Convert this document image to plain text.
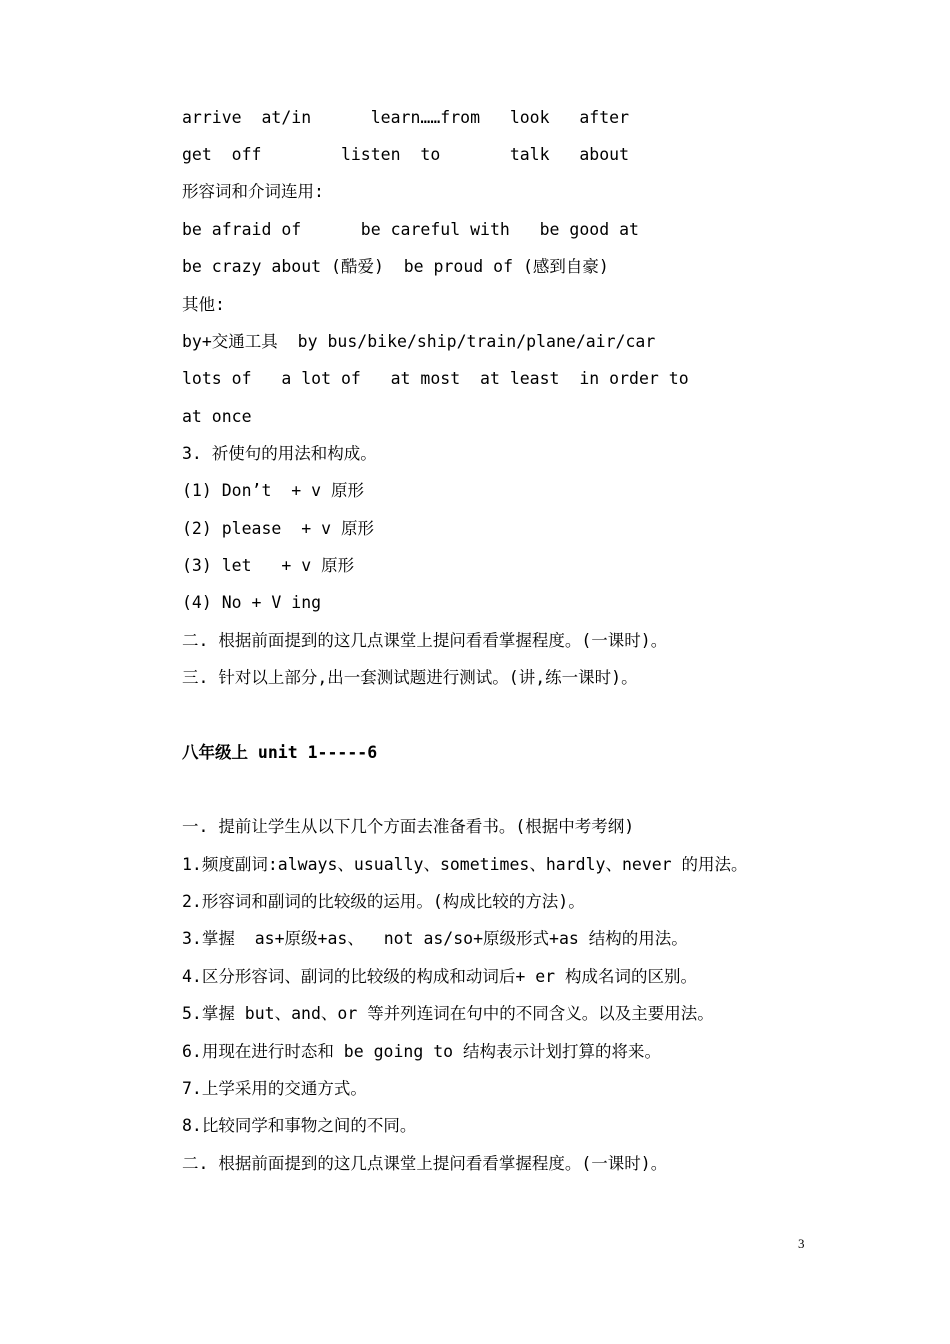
arrive  at/in      learn……from   look   after
get  off        listen  to       talk   about
形容词和介词连用:
be afraid of      be careful with   be good at
be crazy about (酷爱)  be proud of (感到自豪)
其他:
by+交通工具  by bus/bike/ship/train/plane/air/car
lots of   a lot of   at most  at least  in order to
at once
3. 祈使句的用法和构成。
(1) Don’t  + v 原形
(2) please  + v 原形
(3) let   + v 原形
(4) No + V ing
二. 根据前面提到的这几点课堂上提问看看掌握程度。(一课时)。
三. 针对以上部分,出一套测试题进行测试。(讲,练一课时)。
八年级上 unit 1-----6
一. 提前让学生从以下几个方面去准备看书。(根据中考考纲)
1.频度副词:always、usually、sometimes、hardly、never 的用法。
2.形容词和副词的比较级的运用。(构成比较的方法)。
3.掌握  as+原级+as、  not as/so+原级形式+as 结构的用法。
4.区分形容词、副词的比较级的构成和动词后+ er 构成名词的区别。
5.掌握 but、and、or 等并列连词在句中的不同含义。以及主要用法。
6.用现在进行时态和 be going to 结构表示计划打算的将来。
7.上学采用的交通方式。
8.比较同学和事物之间的不同。
二. 根据前面提到的这几点课堂上提问看看掌握程度。(一课时)。
3
